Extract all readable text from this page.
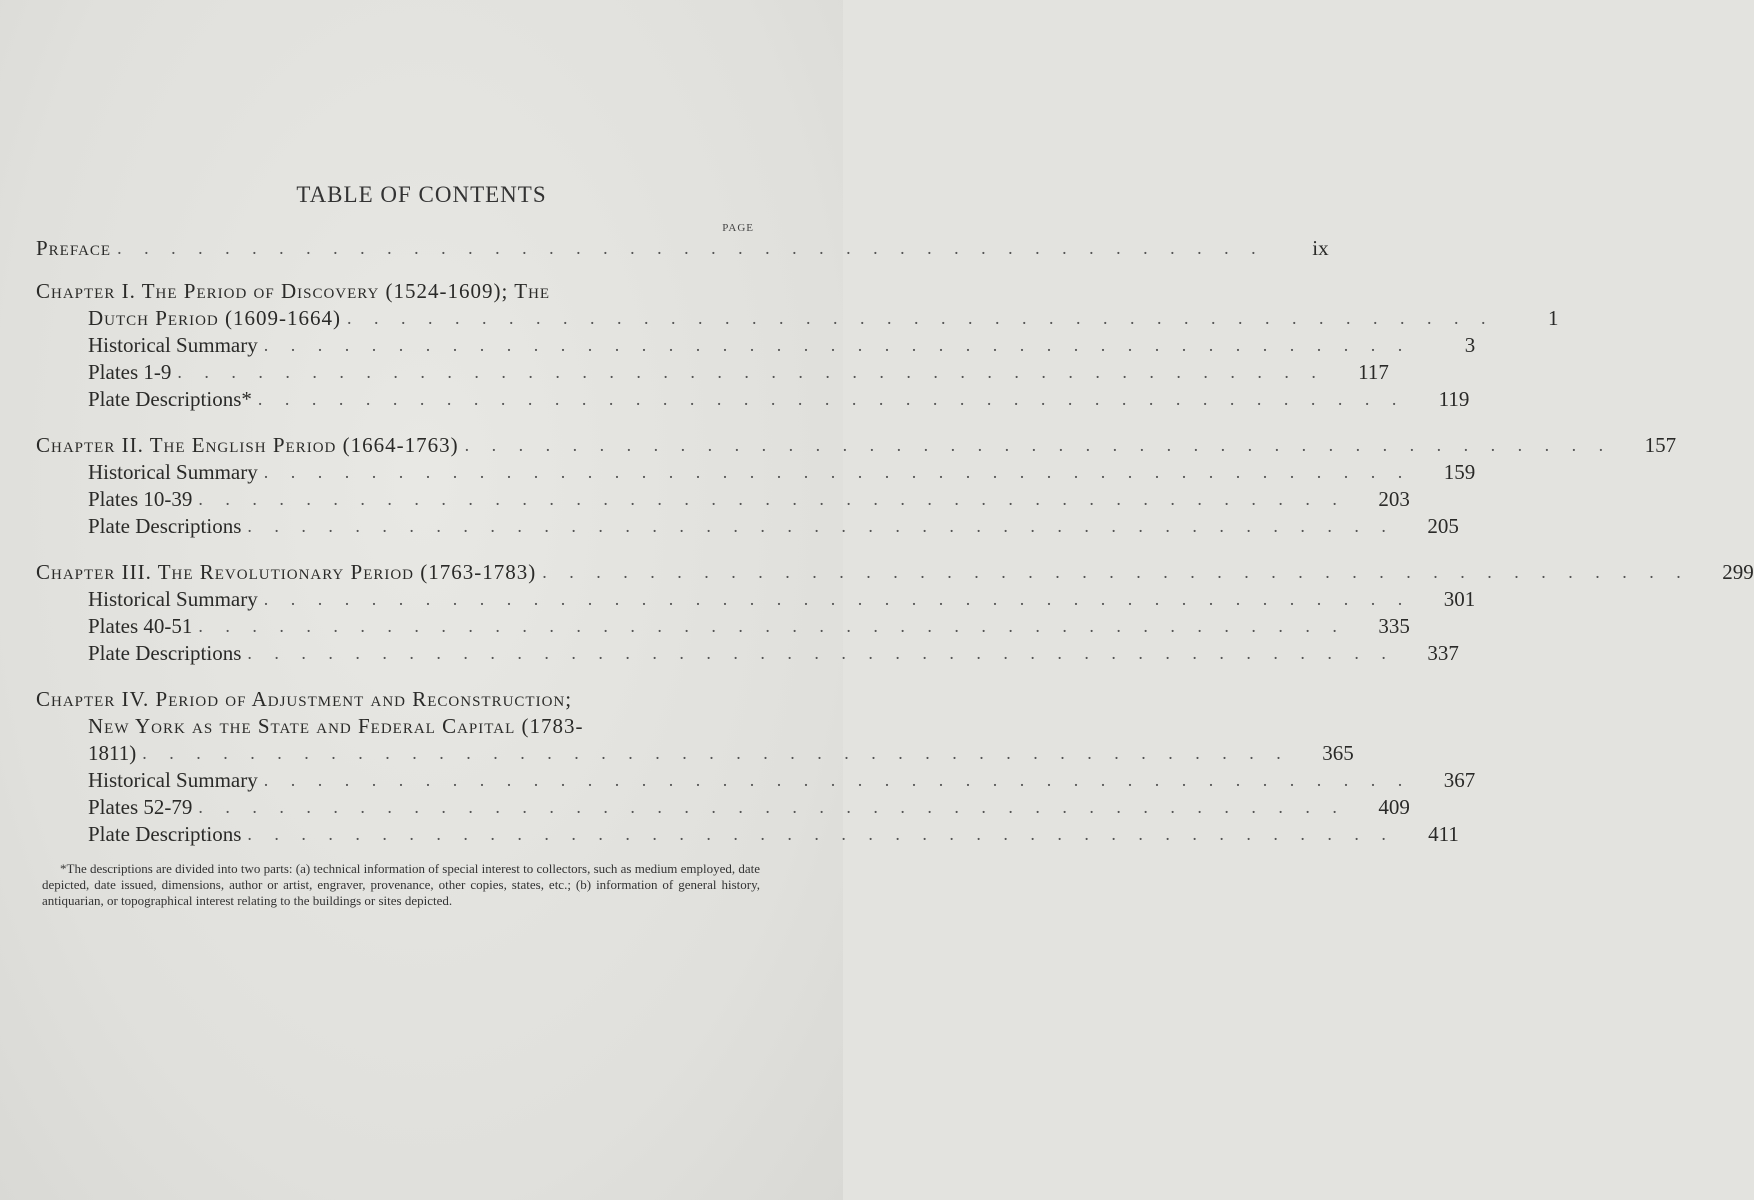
TABLE OF CONTENTS
PAGE
Preface . . . . . . . . . . . . . . . . . . . . . . . . . . . . . . . . . . . . . . . . . . .	ix
Chapter I. The Period of Discovery (1524-1609); The
Dutch Period (1609-1664) . . . . . . . . . . . . . . . . . . . . . . . . . . . . . . . . . . . . . . . . . . .	1
Historical Summary . . . . . . . . . . . . . . . . . . . . . . . . . . . . . . . . . . . . . . . . . . .	3
Plates 1-9 . . . . . . . . . . . . . . . . . . . . . . . . . . . . . . . . . . . . . . . . . . .	117
Plate Descriptions* . . . . . . . . . . . . . . . . . . . . . . . . . . . . . . . . . . . . . . . . . . .	119
Chapter II. The English Period (1664-1763) . . . . . . . . . . . . . . . . . . . . . . . . . . . . . . . . . . . . . . . . . . .	157
Historical Summary . . . . . . . . . . . . . . . . . . . . . . . . . . . . . . . . . . . . . . . . . . .	159
Plates 10-39 . . . . . . . . . . . . . . . . . . . . . . . . . . . . . . . . . . . . . . . . . . .	203
Plate Descriptions . . . . . . . . . . . . . . . . . . . . . . . . . . . . . . . . . . . . . . . . . . .	205
Chapter III. The Revolutionary Period (1763-1783) . . . . . . . . . . . . . . . . . . . . . . . . . . . . . . . . . . . . . . . . . . .	299
Historical Summary . . . . . . . . . . . . . . . . . . . . . . . . . . . . . . . . . . . . . . . . . . .	301
Plates 40-51 . . . . . . . . . . . . . . . . . . . . . . . . . . . . . . . . . . . . . . . . . . .	335
Plate Descriptions . . . . . . . . . . . . . . . . . . . . . . . . . . . . . . . . . . . . . . . . . . .	337
Chapter IV. Period of Adjustment and Reconstruction;
New York as the State and Federal Capital (1783-
1811) . . . . . . . . . . . . . . . . . . . . . . . . . . . . . . . . . . . . . . . . . . .	365
Historical Summary . . . . . . . . . . . . . . . . . . . . . . . . . . . . . . . . . . . . . . . . . . .	367
Plates 52-79 . . . . . . . . . . . . . . . . . . . . . . . . . . . . . . . . . . . . . . . . . . .	409
Plate Descriptions . . . . . . . . . . . . . . . . . . . . . . . . . . . . . . . . . . . . . . . . . . .	411
*The descriptions are divided into two parts: (a) technical information of special interest to collectors, such as medium employed, date depicted, date issued, dimensions, author or artist, engraver, provenance, other copies, states, etc.; (b) information of general history, antiquarian, or topographical interest relating to the buildings or sites depicted.
